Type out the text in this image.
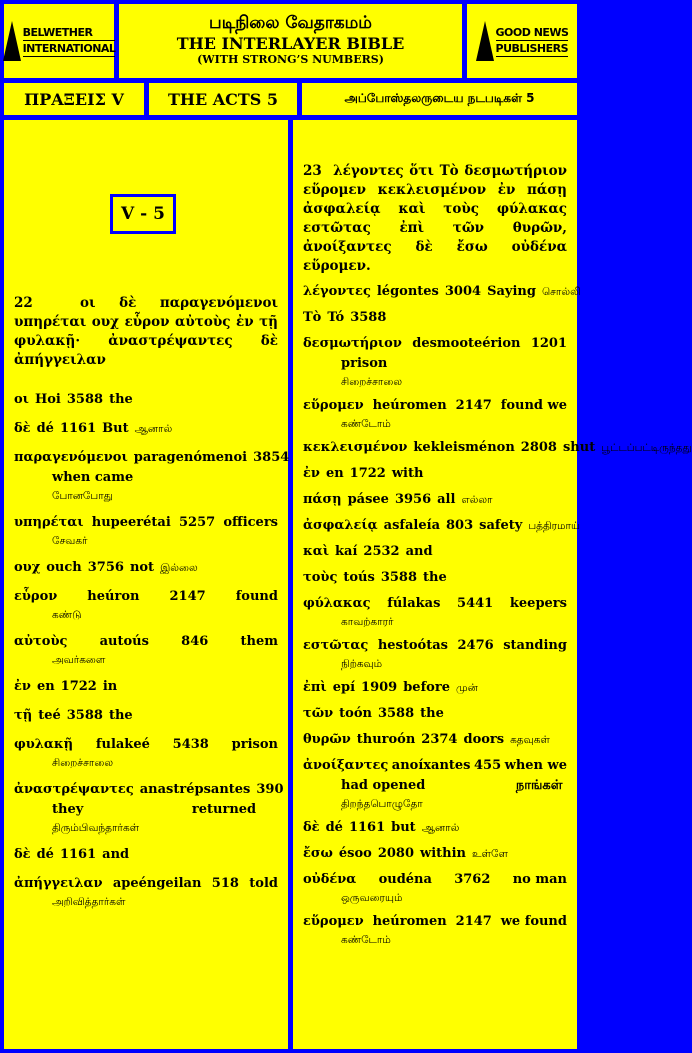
BELWETHER
INTERNATIONAL
படிநிலை வேதாகமம்
THE INTERLAYER BIBLE
(WITH STRONG’S NUMBERS)
GOOD NEWS
PUBLISHERS
ΠΡΑΞΕΙΣ V	THE ACTS 5	அப்போஸ்தலருடைய நடபடிகள் 5
V - 5
22	οι δὲ παραγενόμενοι υπηρέται ουχ εὗρον αὐτοὺς ἐν τῇ φυλακῇ· ἀναστρέψαντες δὲ ἀπήγγειλαν
οι Hoi 3588 the
δὲ dé 1161 But ஆனால்
παραγενόμενοι paragenómenoi 3854
when came
போனபோது
υπηρέται hupeerétai 5257 officers
சேவகர்
ουχ ouch 3756 not இல்லை
εὗρον heúron 2147 found
கண்டு
αὐτοὺς autoús 846 them
அவர்களை
ἐν en 1722 in
τῇ teé 3588 the
φυλακῇ fulakeé 5438 prison
சிறைச்சாலை
ἀναστρέψαντες anastrépsantes 390
they                        returned
திரும்பிவந்தார்கள்
δὲ dé 1161 and
ἀπήγγειλαν apeéngeilan 518 told
அறிவித்தார்கள்
23 λέγοντες ὅτι Τὸ δεσμωτήριον εὕρομεν κεκλεισμένον ἐν πάσῃ ἀσφαλείᾳ καὶ τοὺς φύλακας εστῶτας ἐπὶ τῶν θυρῶν, ἀνοίξαντες δὲ ἔσω οὐδένα εὕρομεν.
λέγοντες légontes 3004 Saying சொல்லி
Τὸ Tó 3588
δεσμωτήριον desmooteérion 1201
prison
சிறைச்சாலை
εὕρομεν heúromen 2147 found we
கண்டோம்
κεκλεισμένον kekleisménon 2808 shut பூட்டப்பட்டிருந்தது
ἐν en 1722 with
πάσῃ pásee 3956 all எல்லா
ἀσφαλείᾳ asfaleía 803 safety பத்திரமாய்
καὶ kaí 2532 and
τοὺς toús 3588 the
φύλακας fúlakas 5441 keepers
காவற்காரர்
εστῶτας hestoótas 2476 standing
நிற்கவும்
ἐπὶ epí 1909 before முன்
τῶν toón 3588 the
θυρῶν thuroón 2374 doors கதவுகள்
ἀνοίξαντες anoíxantes 455 when we
had opened                    நாங்கள்
திறந்தபொழுதோ
δὲ dé 1161 but ஆனால்
ἔσω ésoo 2080 within உள்ளே
οὐδένα oudéna 3762 no man
ஒருவரையும்
εὕρομεν heúromen 2147 we found
கண்டோம்
